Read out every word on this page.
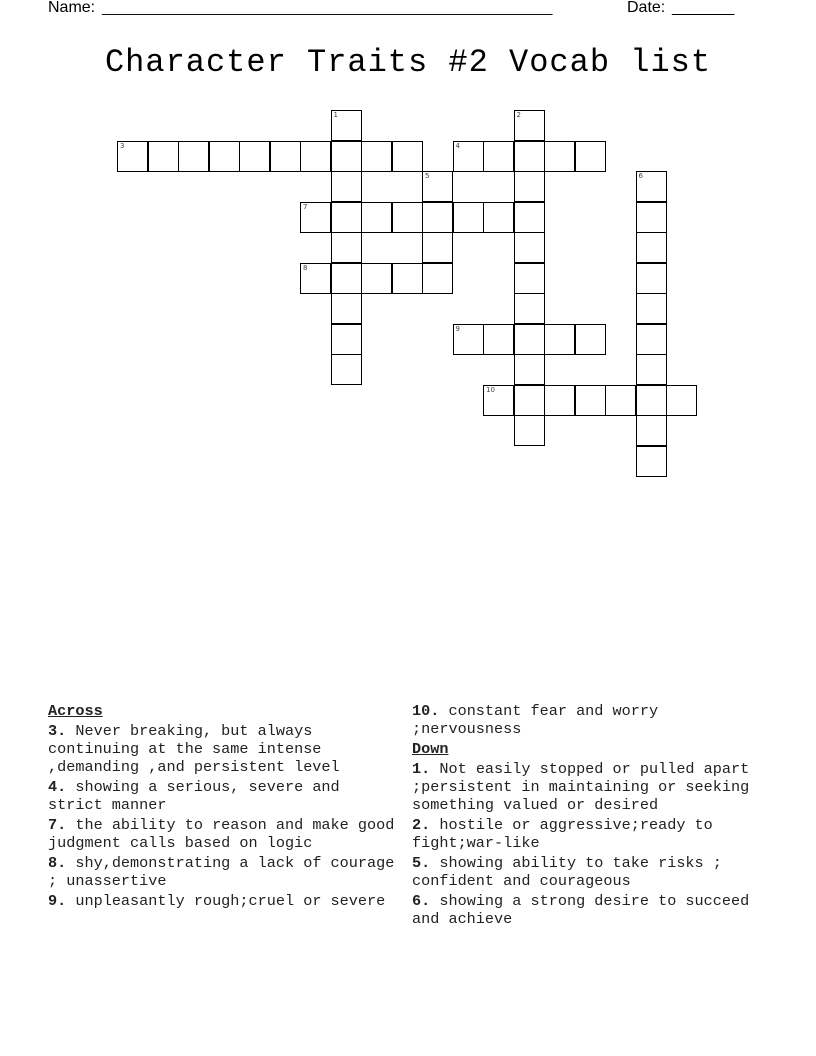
Name: ______________________________________________________	Date: _______
Character Traits #2 Vocab list
1	2
3	4
5	6
7
8
9
10
Across
3. Never breaking, but always continuing at the same intense ,demanding ,and persistent level
4. showing a serious, severe and strict manner
7. the ability to reason and make good judgment calls based on logic
8. shy,demonstrating a lack of courage ; unassertive
9. unpleasantly rough;cruel or severe
10. constant fear and worry ;nervousness
Down
1. Not easily stopped or pulled apart ;persistent in maintaining or seeking something valued or desired
2. hostile or aggressive;ready to fight;war-like
5. showing ability to take risks ; confident and courageous
6. showing a strong desire to succeed and achieve
